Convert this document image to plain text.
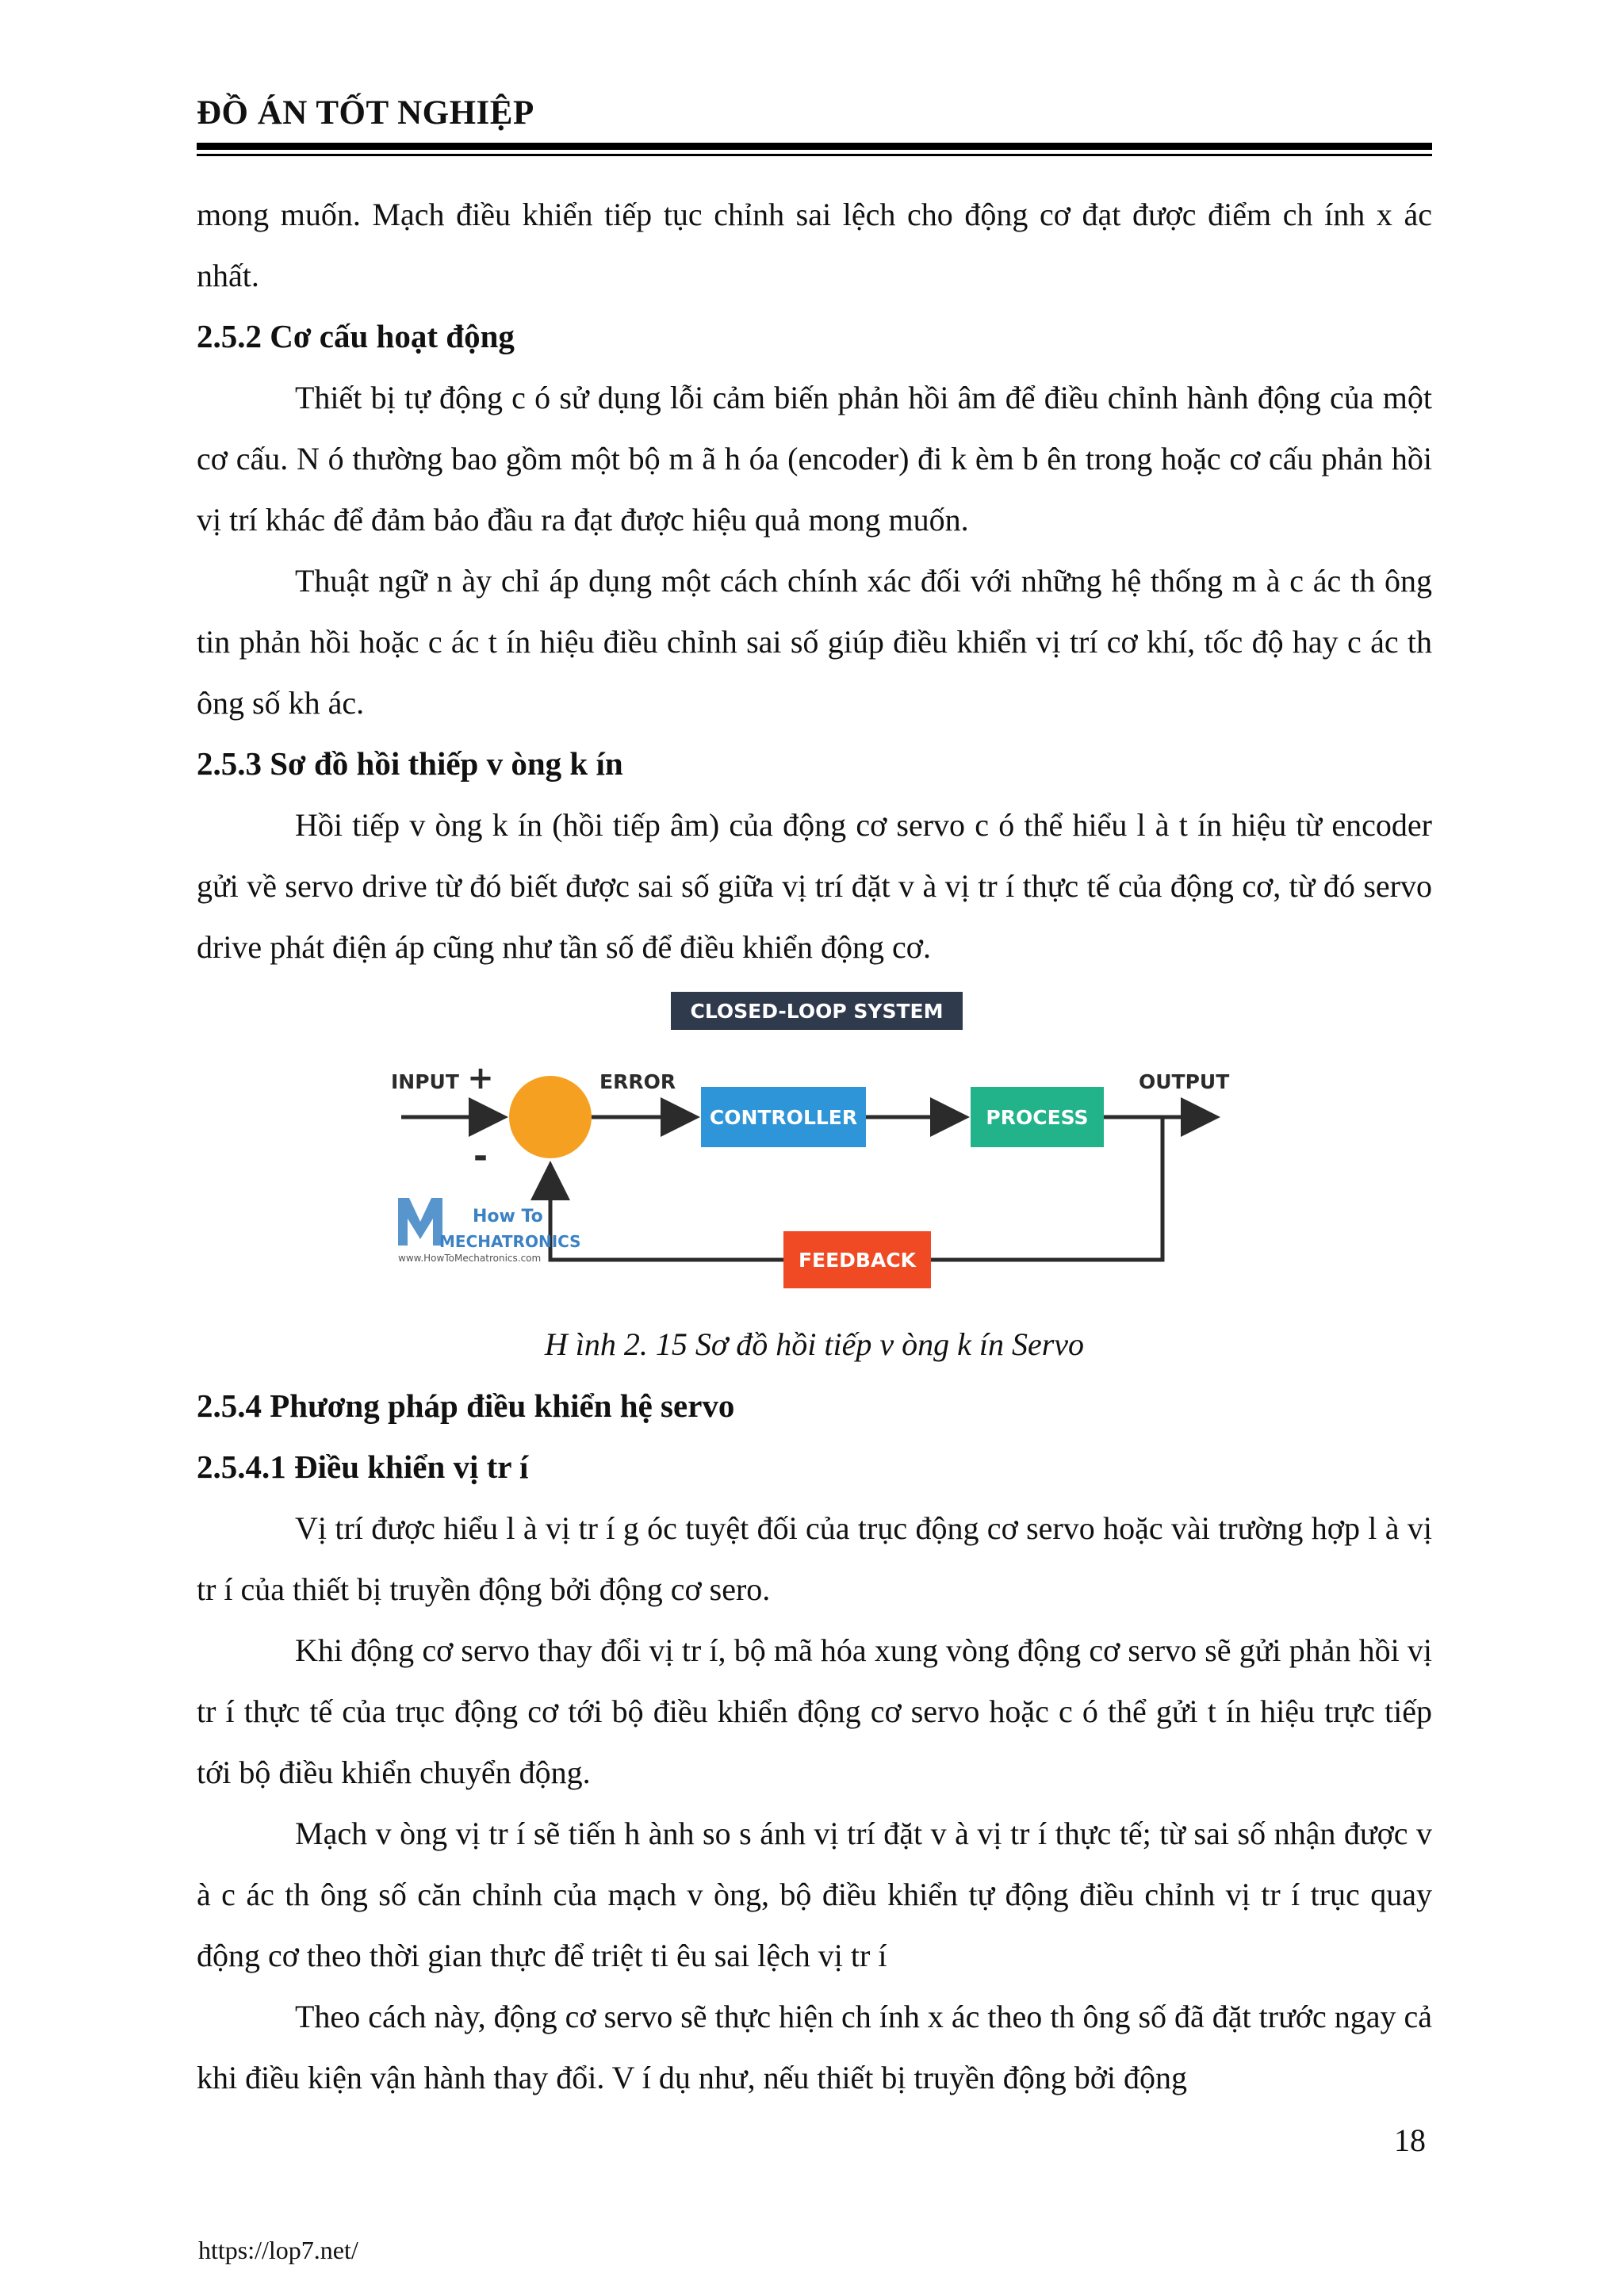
ĐỒ ÁN TỐT NGHIỆP

mong muốn. Mạch điều khiển tiếp tục chỉnh sai lệch cho động cơ đạt được điểm ch ính x ác nhất.

2.5.2 Cơ cấu hoạt động

Thiết bị tự động c ó sử dụng lỗi cảm biến phản hồi âm để điều chỉnh hành động của một cơ cấu. N ó thường bao gồm một bộ m ã h óa (encoder) đi k èm b ên trong hoặc cơ cấu phản hồi vị trí khác để đảm bảo đầu ra đạt được hiệu quả mong muốn.

Thuật ngữ n ày chỉ áp dụng một cách chính xác đối với những hệ thống m à c ác th ông tin phản hồi hoặc c ác t ín hiệu điều chỉnh sai số giúp điều khiển vị trí cơ khí, tốc độ hay c ác th ông số kh ác.

2.5.3 Sơ đồ hồi thiếp v òng k ín

Hồi tiếp v òng k ín (hồi tiếp âm) của động cơ servo c ó thể hiểu l à t ín hiệu từ encoder gửi về servo drive từ đó biết được sai số giữa vị trí đặt v à vị tr í thực tế của động cơ, từ đó servo drive phát điện áp cũng như tần số để điều khiển động cơ.

CLOSED-LOOP SYSTEM
INPUT +
-
ERROR	OUTPUT
CONTROLLER	PROCESS
FEEDBACK
How To
MECHATRONICS
www.HowToMechatronics.com

H ình 2. 15 Sơ đồ hồi tiếp v òng k ín Servo

2.5.4 Phương pháp điều khiển hệ servo

2.5.4.1 Điều khiển vị tr í

Vị trí được hiểu l à vị tr í g óc tuyệt đối của trục động cơ servo hoặc vài trường hợp l à vị tr í của thiết bị truyền động bởi động cơ sero.

Khi động cơ servo thay đổi vị tr í, bộ mã hóa xung vòng động cơ servo sẽ gửi phản hồi vị tr í thực tế của trục động cơ tới bộ điều khiển động cơ servo hoặc c ó thể gửi t ín hiệu trực tiếp tới bộ điều khiển chuyển động.

Mạch v òng vị tr í sẽ tiến h ành so s ánh vị trí đặt v à vị tr í thực tế; từ sai số nhận được v à c ác th ông số căn chỉnh của mạch v òng, bộ điều khiển tự động điều chỉnh vị tr í trục quay động cơ theo thời gian thực để triệt ti êu sai lệch vị tr í

Theo cách này, động cơ servo sẽ thực hiện ch ính x ác theo th ông số đã đặt trước ngay cả khi điều kiện vận hành thay đổi. V í dụ như, nếu thiết bị truyền động bởi động

18
https://lop7.net/
